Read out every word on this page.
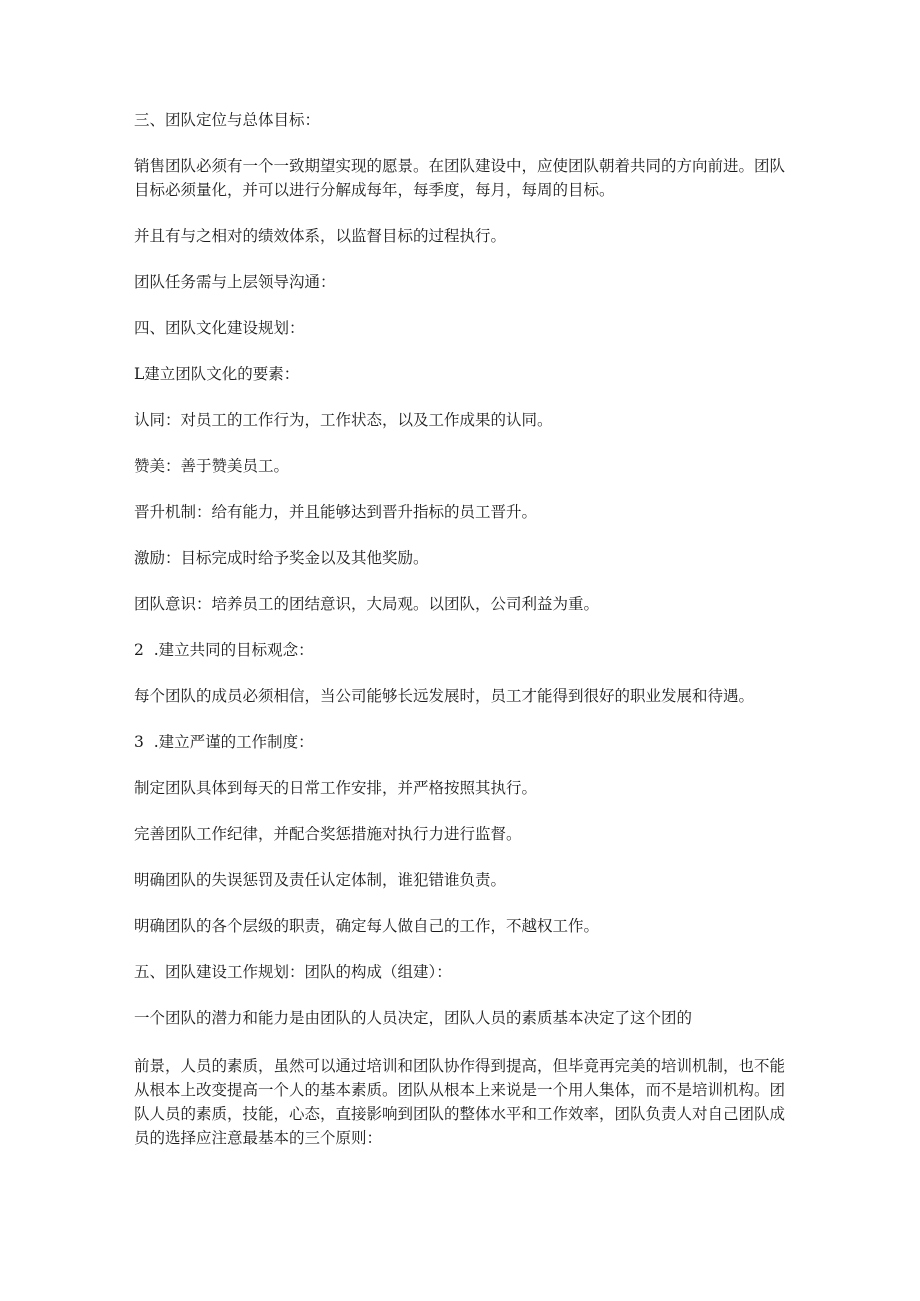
三、团队定位与总体目标：

销售团队必须有一个一致期望实现的愿景。在团队建设中，应使团队朝着共同的方向前进。团队目标必须量化，并可以进行分解成每年，每季度，每月，每周的目标。

并且有与之相对的绩效体系，以监督目标的过程执行。

团队任务需与上层领导沟通：

四、团队文化建设规划：

L建立团队文化的要素：

认同：对员工的工作行为，工作状态，以及工作成果的认同。

赞美：善于赞美员工。

晋升机制：给有能力，并且能够达到晋升指标的员工晋升。

激励：目标完成时给予奖金以及其他奖励。

团队意识：培养员工的团结意识，大局观。以团队，公司利益为重。

2  .建立共同的目标观念：

每个团队的成员必须相信，当公司能够长远发展时，员工才能得到很好的职业发展和待遇。

3  .建立严谨的工作制度：

制定团队具体到每天的日常工作安排，并严格按照其执行。

完善团队工作纪律，并配合奖惩措施对执行力进行监督。

明确团队的失误惩罚及责任认定体制，谁犯错谁负责。

明确团队的各个层级的职责，确定每人做自己的工作，不越权工作。

五、团队建设工作规划：团队的构成（组建）：

一个团队的潜力和能力是由团队的人员决定，团队人员的素质基本决定了这个团的

前景，人员的素质，虽然可以通过培训和团队协作得到提高，但毕竟再完美的培训机制，也不能从根本上改变提高一个人的基本素质。团队从根本上来说是一个用人集体，而不是培训机构。团队人员的素质，技能，心态，直接影响到团队的整体水平和工作效率，团队负责人对自己团队成员的选择应注意最基本的三个原则：
